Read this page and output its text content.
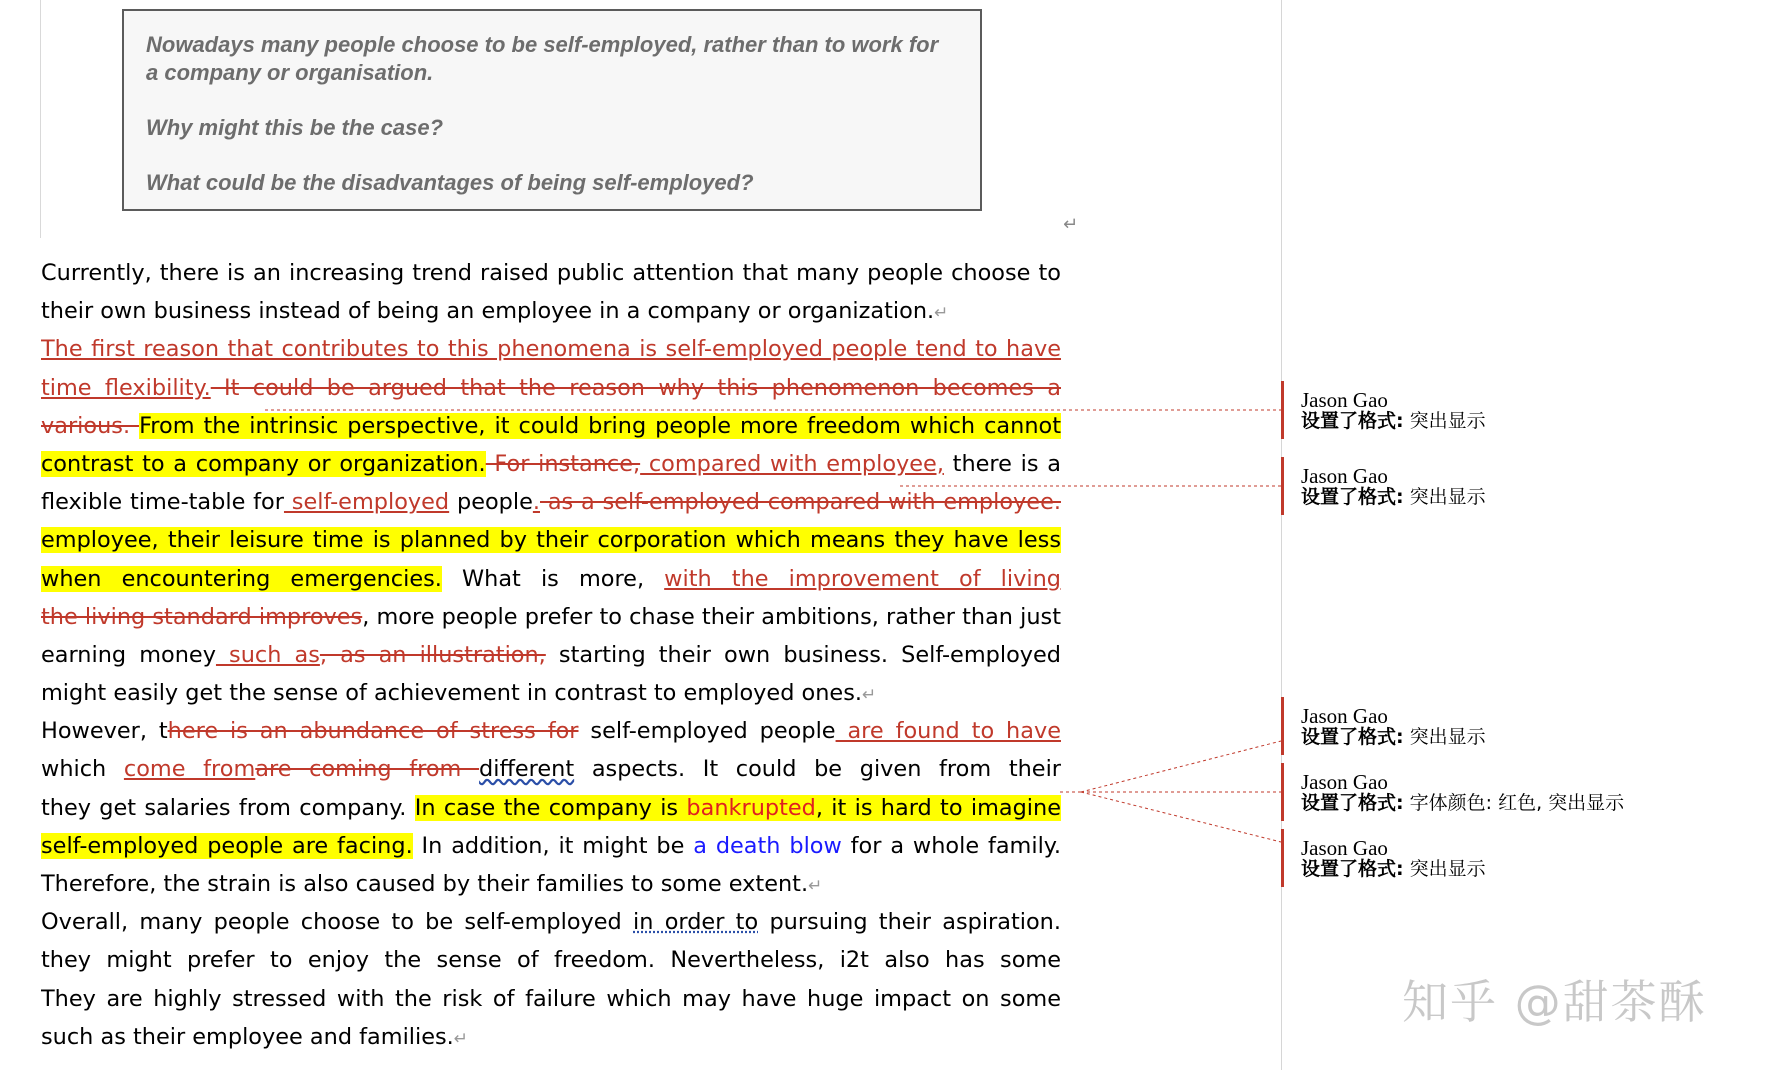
Nowadays many people choose to be self-employed, rather than to work for

a company or organisation.

Why might this be the case?

What could be the disadvantages of being self-employed?

↵
Currently, there is an increasing trend raised public attention that many people choose to
their own business instead of being an employee in a company or organization.↵
The first reason that contributes to this phenomena is self-employed people tend to have
time flexibility. It could be argued that the reason why this phenomenon becomes a
various. From the intrinsic perspective, it could bring people more freedom which cannot
contrast to a company or organization. For instance, compared with employee, there is a
flexible time-table for self-employed people. as a self-employed compared with employee.
employee, their leisure time is planned by their corporation which means they have less
when encountering emergencies. What is more, with the improvement of living
the living standard improves, more people prefer to chase their ambitions, rather than just
earning money such as, as an illustration, starting their own business. Self-employed
might easily get the sense of achievement in contrast to employed ones.↵
However, there is an abundance of stress for self-employed people are found to have
which come fromare coming from different aspects. It could be given from their
they get salaries from company. In case the company is bankrupted, it is hard to imagine
self-employed people are facing. In addition, it might be a death blow for a whole family.
Therefore, the strain is also caused by their families to some extent.↵
Overall, many people choose to be self-employed in order to pursuing their aspiration.
they might prefer to enjoy the sense of freedom. Nevertheless, i2t also has some
They are highly stressed with the risk of failure which may have huge impact on some
such as their employee and families.↵
Jason Gao
设置了格式: 突出显示
Jason Gao
设置了格式: 突出显示
Jason Gao
设置了格式: 突出显示
Jason Gao
设置了格式: 字体颜色: 红色, 突出显示
Jason Gao
设置了格式: 突出显示
知乎 @甜茶酥
